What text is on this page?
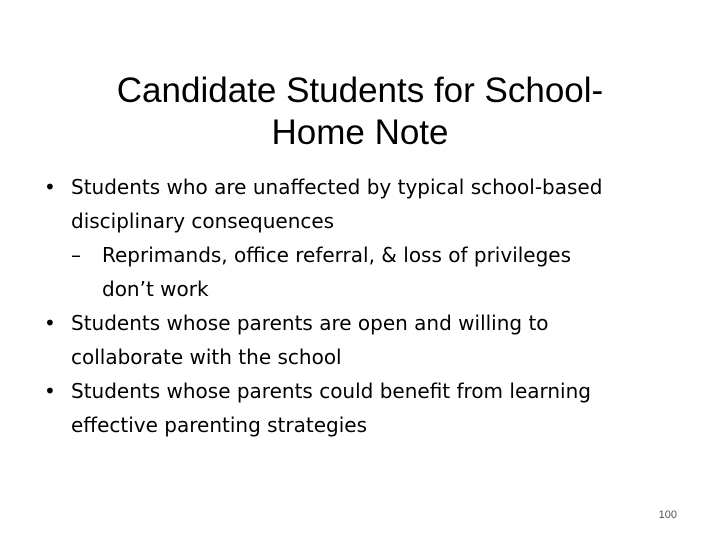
Candidate Students for School-
Home Note
• Students who are unaffected by typical school-based
disciplinary consequences
–	Reprimands, office referral, & loss of privileges
don’t work
• Students whose parents are open and willing to
collaborate with the school
• Students whose parents could benefit from learning
effective parenting strategies
100
